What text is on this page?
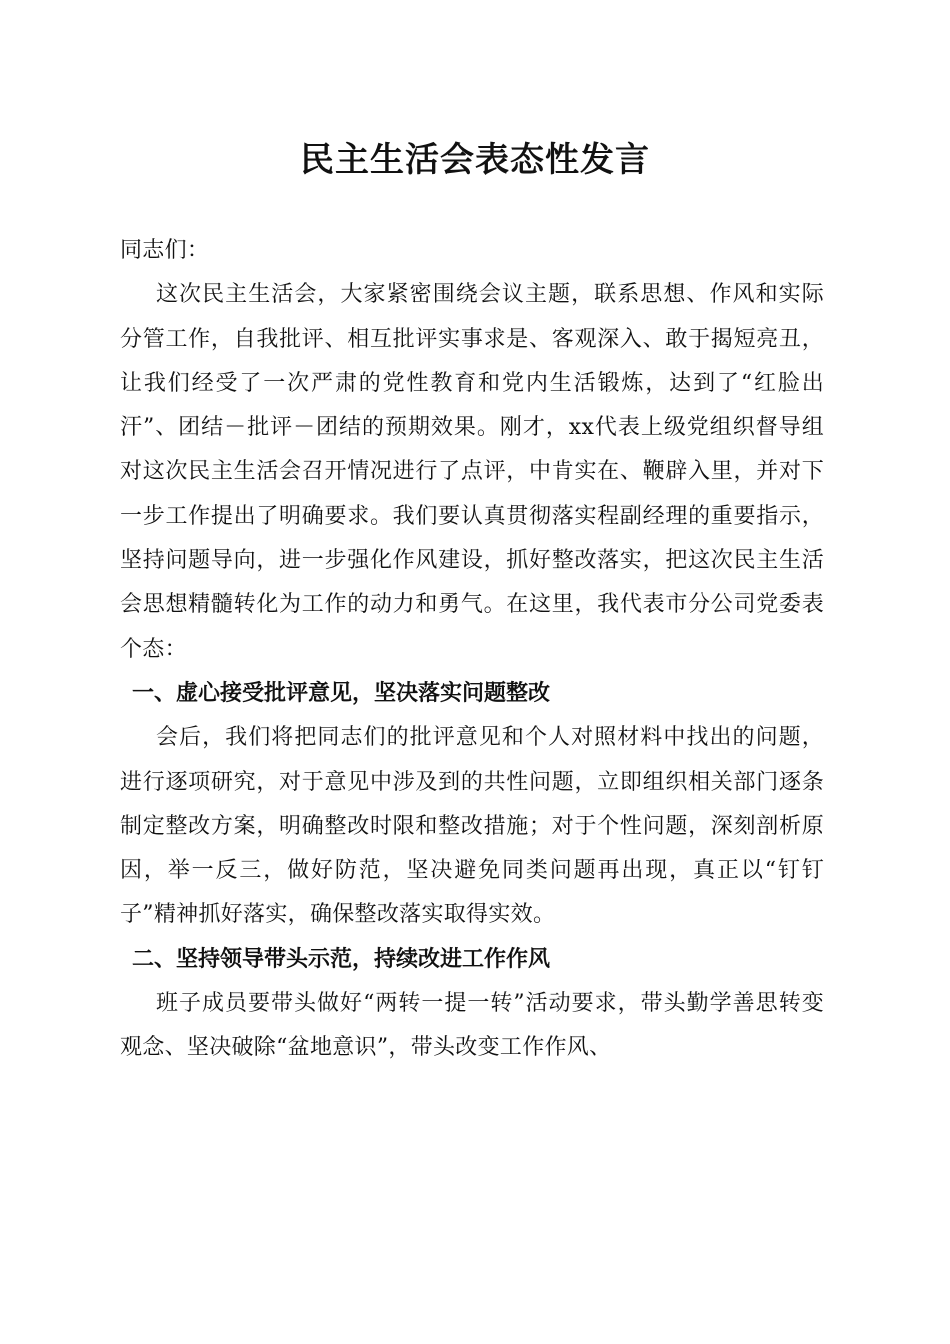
民主生活会表态性发言

同志们：

这次民主生活会，大家紧密围绕会议主题，联系思想、作风和实际分管工作，自我批评、相互批评实事求是、客观深入、敢于揭短亮丑，让我们经受了一次严肃的党性教育和党内生活锻炼，达到了“红脸出汗”、团结－批评－团结的预期效果。刚才，xx代表上级党组织督导组对这次民主生活会召开情况进行了点评，中肯实在、鞭辟入里，并对下一步工作提出了明确要求。我们要认真贯彻落实程副经理的重要指示，坚持问题导向，进一步强化作风建设，抓好整改落实，把这次民主生活会思想精髓转化为工作的动力和勇气。在这里，我代表市分公司党委表个态：

一、虚心接受批评意见，坚决落实问题整改

会后，我们将把同志们的批评意见和个人对照材料中找出的问题，进行逐项研究，对于意见中涉及到的共性问题，立即组织相关部门逐条制定整改方案，明确整改时限和整改措施；对于个性问题，深刻剖析原因，举一反三，做好防范，坚决避免同类问题再出现，真正以“钉钉子”精神抓好落实，确保整改落实取得实效。

二、坚持领导带头示范，持续改进工作作风

班子成员要带头做好“两转一提一转”活动要求，带头勤学善思转变观念、坚决破除“盆地意识”，带头改变工作作风、
